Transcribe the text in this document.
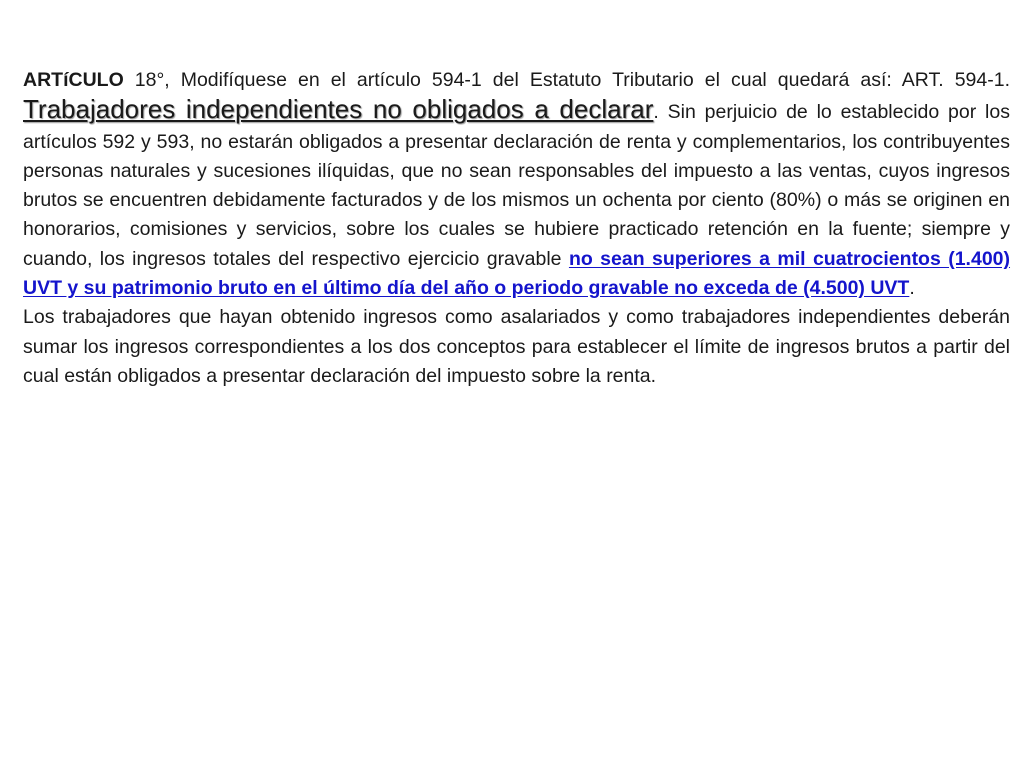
ARTíCULO 18°, Modifíquese en el artículo 594-1 del Estatuto Tributario el cual quedará así: ART. 594-1. Trabajadores independientes no obligados a declarar. Sin perjuicio de lo establecido por los artículos 592 y 593, no estarán obligados a presentar declaración de renta y complementarios, los contribuyentes personas naturales y sucesiones ilíquidas, que no sean responsables del impuesto a las ventas, cuyos ingresos brutos se encuentren debidamente facturados y de los mismos un ochenta por ciento (80%) o más se originen en honorarios, comisiones y servicios, sobre los cuales se hubiere practicado retención en la fuente; siempre y cuando, los ingresos totales del respectivo ejercicio gravable no sean superiores a mil cuatrocientos (1.400) UVT y su patrimonio bruto en el último día del año o periodo gravable no exceda de (4.500) UVT.

Los trabajadores que hayan obtenido ingresos como asalariados y como trabajadores independientes deberán sumar los ingresos correspondientes a los dos conceptos para establecer el límite de ingresos brutos a partir del cual están obligados a presentar declaración del impuesto sobre la renta.
